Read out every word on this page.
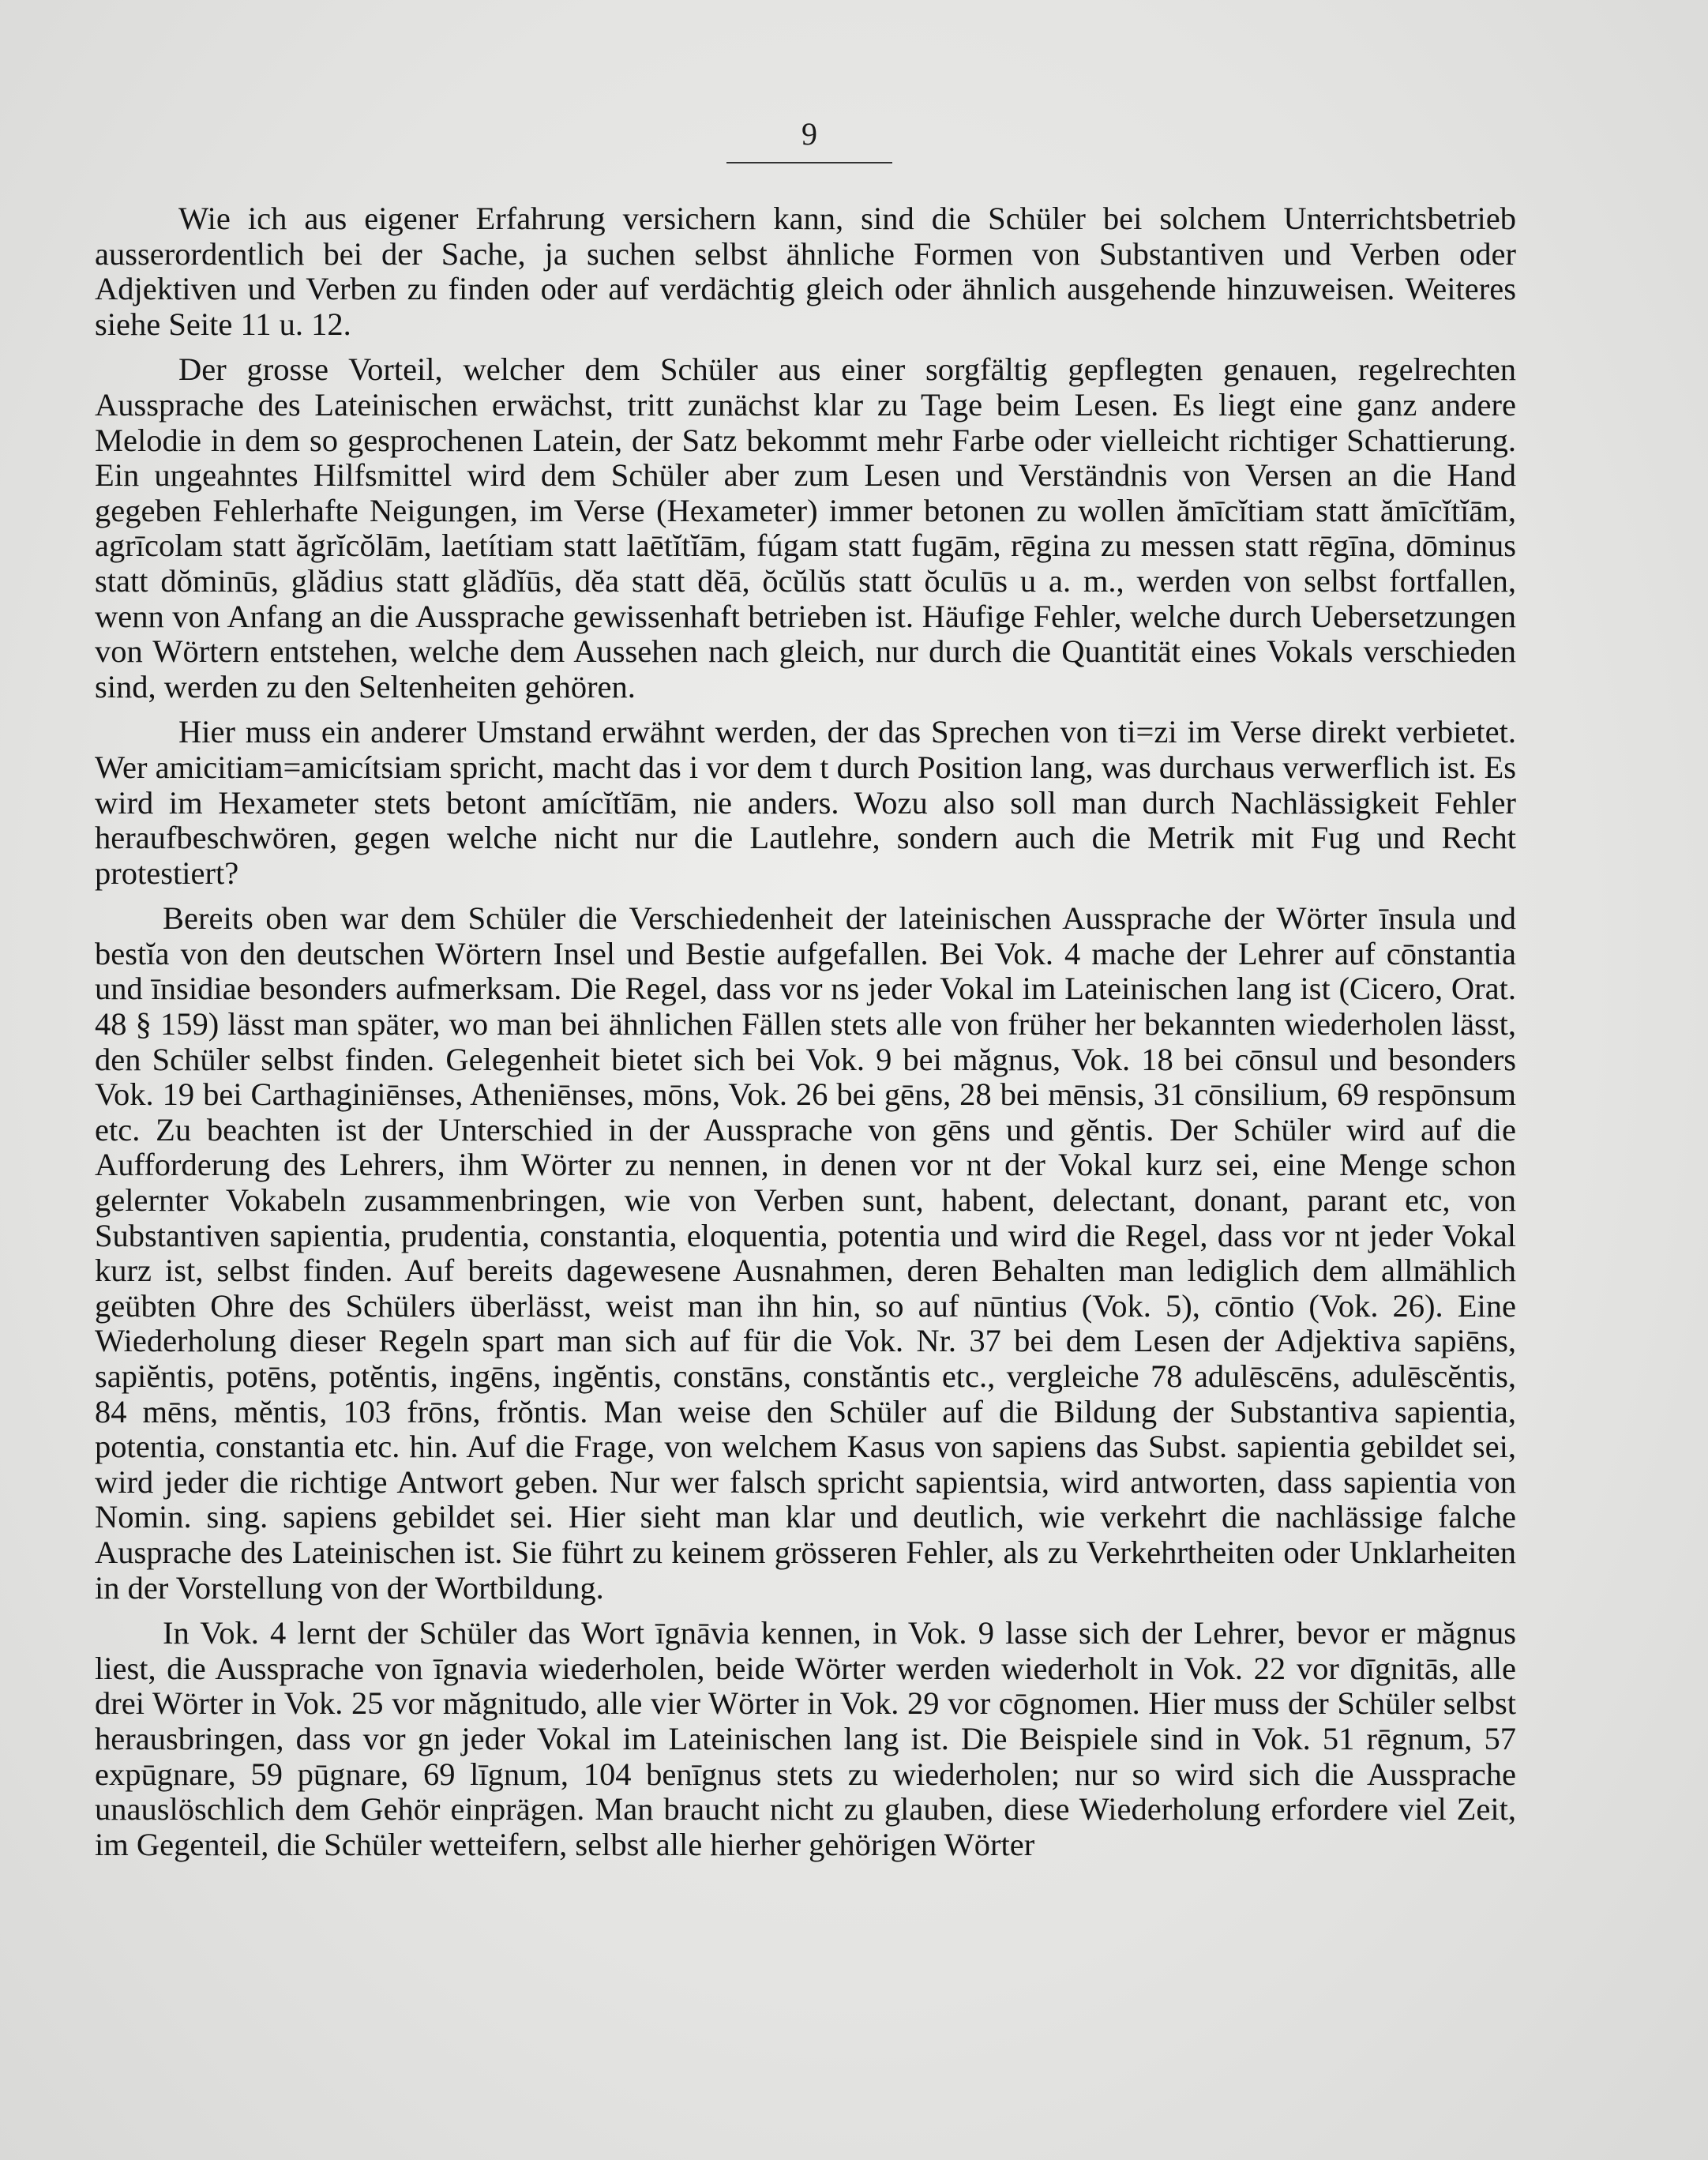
9

Wie ich aus eigener Erfahrung versichern kann, sind die Schüler bei solchem Unterrichtsbetrieb ausserordentlich bei der Sache, ja suchen selbst ähnliche Formen von Substantiven und Verben oder Adjektiven und Verben zu finden oder auf verdächtig gleich oder ähnlich ausgehende hinzuweisen. Weiteres siehe Seite 11 u. 12.

Der grosse Vorteil, welcher dem Schüler aus einer sorgfältig gepflegten genauen, regelrechten Aussprache des Lateinischen erwächst, tritt zunächst klar zu Tage beim Lesen. Es liegt eine ganz andere Melodie in dem so gesprochenen Latein, der Satz bekommt mehr Farbe oder vielleicht richtiger Schattierung. Ein ungeahntes Hilfsmittel wird dem Schüler aber zum Lesen und Verständnis von Versen an die Hand gegeben Fehlerhafte Neigungen, im Verse (Hexameter) immer betonen zu wollen ămīcĭtiam statt ămīcĭtĭām, agrīcolam statt ăgrĭcŏlām, laetítiam statt laētĭtĭām, fúgam statt fugām, rēgina zu messen statt rēgīna, dōminus statt dŏminūs, glădius statt glădĭūs, dĕa statt dĕā, ŏcŭlŭs statt ŏculūs u a. m., werden von selbst fortfallen, wenn von Anfang an die Aussprache gewissenhaft betrieben ist. Häufige Fehler, welche durch Uebersetzungen von Wörtern entstehen, welche dem Aussehen nach gleich, nur durch die Quantität eines Vokals verschieden sind, werden zu den Seltenheiten gehören.

Hier muss ein anderer Umstand erwähnt werden, der das Sprechen von ti=zi im Verse direkt verbietet. Wer amicitiam=amicítsiam spricht, macht das i vor dem t durch Position lang, was durchaus verwerflich ist. Es wird im Hexameter stets betont amícĭtĭām, nie anders. Wozu also soll man durch Nachlässigkeit Fehler heraufbeschwören, gegen welche nicht nur die Lautlehre, sondern auch die Metrik mit Fug und Recht protestiert?

Bereits oben war dem Schüler die Verschiedenheit der lateinischen Aussprache der Wörter īnsula und bestĭa von den deutschen Wörtern Insel und Bestie aufgefallen. Bei Vok. 4 mache der Lehrer auf cōnstantia und īnsidiae besonders aufmerksam. Die Regel, dass vor ns jeder Vokal im Lateinischen lang ist (Cicero, Orat. 48 § 159) lässt man später, wo man bei ähnlichen Fällen stets alle von früher her bekannten wiederholen lässt, den Schüler selbst finden. Gelegenheit bietet sich bei Vok. 9 bei măgnus, Vok. 18 bei cōnsul und besonders Vok. 19 bei Carthaginiēnses, Atheniēnses, mōns, Vok. 26 bei gēns, 28 bei mēnsis, 31 cōnsilium, 69 respōnsum etc. Zu beachten ist der Unterschied in der Aussprache von gēns und gĕntis. Der Schüler wird auf die Aufforderung des Lehrers, ihm Wörter zu nennen, in denen vor nt der Vokal kurz sei, eine Menge schon gelernter Vokabeln zusammenbringen, wie von Verben sunt, habent, delectant, donant, parant etc, von Substantiven sapientia, prudentia, constantia, eloquentia, potentia und wird die Regel, dass vor nt jeder Vokal kurz ist, selbst finden. Auf bereits dagewesene Ausnahmen, deren Behalten man lediglich dem allmählich geübten Ohre des Schülers überlässt, weist man ihn hin, so auf nūntius (Vok. 5), cōntio (Vok. 26). Eine Wiederholung dieser Regeln spart man sich auf für die Vok. Nr. 37 bei dem Lesen der Adjektiva sapiēns, sapiĕntis, potēns, potĕntis, ingēns, ingĕntis, constāns, constăntis etc., vergleiche 78 adulēscēns, adulēscĕntis, 84 mēns, mĕntis, 103 frōns, frŏntis. Man weise den Schüler auf die Bildung der Substantiva sapientia, potentia, constantia etc. hin. Auf die Frage, von welchem Kasus von sapiens das Subst. sapientia gebildet sei, wird jeder die richtige Antwort geben. Nur wer falsch spricht sapientsia, wird antworten, dass sapientia von Nomin. sing. sapiens gebildet sei. Hier sieht man klar und deutlich, wie verkehrt die nachlässige falche Ausprache des Lateinischen ist. Sie führt zu keinem grösseren Fehler, als zu Verkehrtheiten oder Unklarheiten in der Vorstellung von der Wortbildung.

In Vok. 4 lernt der Schüler das Wort īgnāvia kennen, in Vok. 9 lasse sich der Lehrer, bevor er măgnus liest, die Aussprache von īgnavia wiederholen, beide Wörter werden wiederholt in Vok. 22 vor dīgnitās, alle drei Wörter in Vok. 25 vor măgnitudo, alle vier Wörter in Vok. 29 vor cōgnomen. Hier muss der Schüler selbst herausbringen, dass vor gn jeder Vokal im Lateinischen lang ist. Die Beispiele sind in Vok. 51 rēgnum, 57 expūgnare, 59 pūgnare, 69 līgnum, 104 benīgnus stets zu wiederholen; nur so wird sich die Aussprache unauslöschlich dem Gehör einprägen. Man braucht nicht zu glauben, diese Wiederholung erfordere viel Zeit, im Gegenteil, die Schüler wetteifern, selbst alle hierher gehörigen Wörter
